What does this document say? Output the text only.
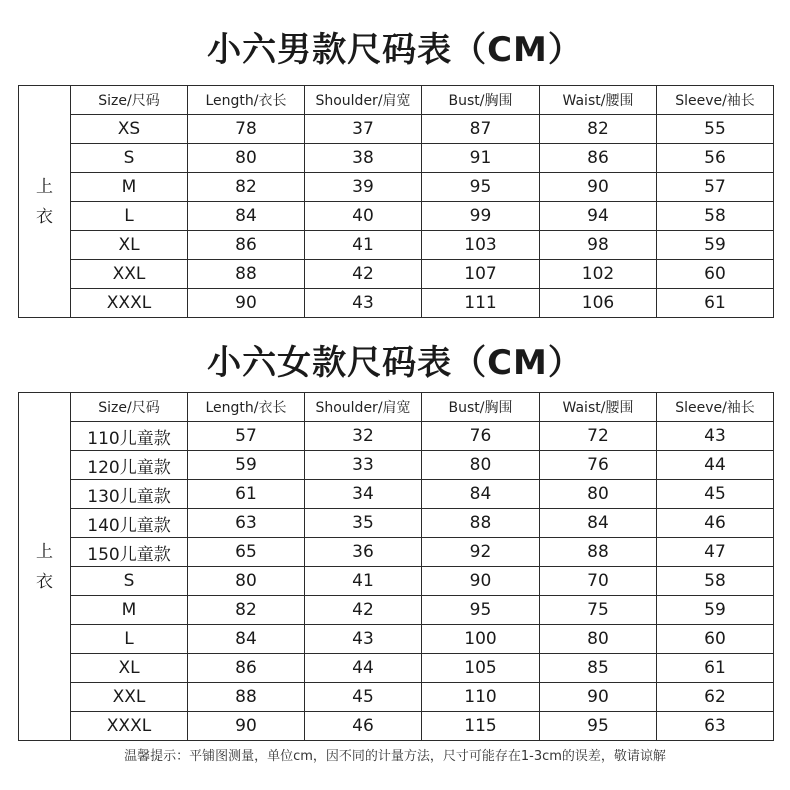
小六男款尺码表（CM）
上
衣	Size/尺码	Length/衣长	Shoulder/肩宽	Bust/胸围	Waist/腰围	Sleeve/袖长
	XS	78	37	87	82	55
	S	80	38	91	86	56
	M	82	39	95	90	57
	L	84	40	99	94	58
	XL	86	41	103	98	59
	XXL	88	42	107	102	60
	XXXL	90	43	111	106	61
小六女款尺码表（CM）
上
衣	Size/尺码	Length/衣长	Shoulder/肩宽	Bust/胸围	Waist/腰围	Sleeve/袖长
	110儿童款	57	32	76	72	43
	120儿童款	59	33	80	76	44
	130儿童款	61	34	84	80	45
	140儿童款	63	35	88	84	46
	150儿童款	65	36	92	88	47
	S	80	41	90	70	58
	M	82	42	95	75	59
	L	84	43	100	80	60
	XL	86	44	105	85	61
	XXL	88	45	110	90	62
	XXXL	90	46	115	95	63
温馨提示：平铺图测量，单位cm，因不同的计量方法，尺寸可能存在1-3cm的误差，敬请谅解
